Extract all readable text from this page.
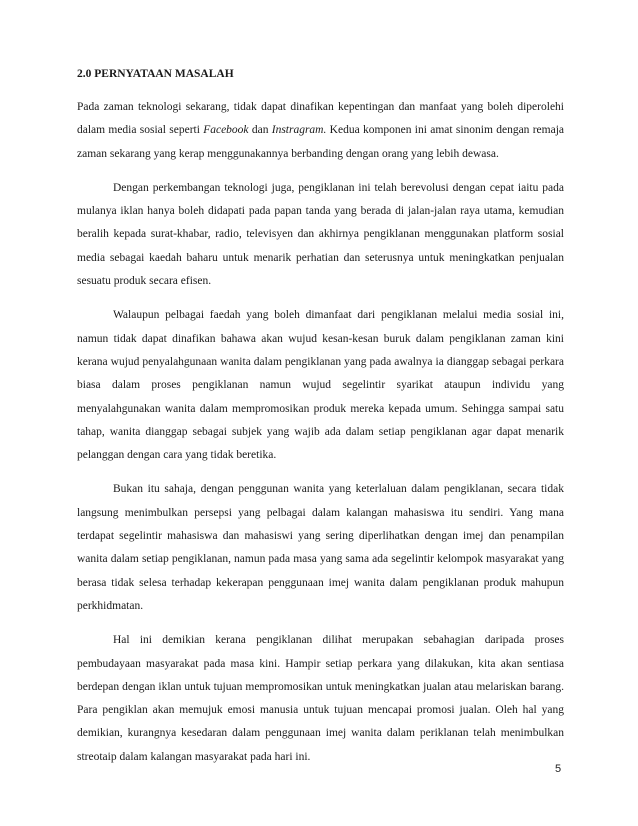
2.0 PERNYATAAN MASALAH

Pada zaman teknologi sekarang, tidak dapat dinafikan kepentingan dan manfaat yang boleh diperolehi dalam media sosial seperti Facebook dan Instragram. Kedua komponen ini amat sinonim dengan remaja zaman sekarang yang kerap menggunakannya berbanding dengan orang yang lebih dewasa.

Dengan perkembangan teknologi juga, pengiklanan ini telah berevolusi dengan cepat iaitu pada mulanya iklan hanya boleh didapati pada papan tanda yang berada di jalan-jalan raya utama, kemudian beralih kepada surat-khabar, radio, televisyen dan akhirnya pengiklanan menggunakan platform sosial media sebagai kaedah baharu untuk menarik perhatian dan seterusnya untuk meningkatkan penjualan sesuatu produk secara efisen.

Walaupun pelbagai faedah yang boleh dimanfaat dari pengiklanan melalui media sosial ini, namun tidak dapat dinafikan bahawa akan wujud kesan-kesan buruk dalam pengiklanan zaman kini kerana wujud penyalahgunaan wanita dalam pengiklanan yang pada awalnya ia dianggap sebagai perkara biasa dalam proses pengiklanan namun wujud segelintir syarikat ataupun individu yang menyalahgunakan wanita dalam mempromosikan produk mereka kepada umum. Sehingga sampai satu tahap, wanita dianggap sebagai subjek yang wajib ada dalam setiap pengiklanan agar dapat menarik pelanggan dengan cara yang tidak beretika.

Bukan itu sahaja, dengan penggunan wanita yang keterlaluan dalam pengiklanan, secara tidak langsung menimbulkan persepsi yang pelbagai dalam kalangan mahasiswa itu sendiri. Yang mana terdapat segelintir mahasiswa dan mahasiswi yang sering diperlihatkan dengan imej dan penampilan wanita dalam setiap pengiklanan, namun pada masa yang sama ada segelintir kelompok masyarakat yang berasa tidak selesa terhadap kekerapan penggunaan imej wanita dalam pengiklanan produk mahupun perkhidmatan.

Hal ini demikian kerana pengiklanan dilihat merupakan sebahagian daripada proses pembudayaan masyarakat pada masa kini. Hampir setiap perkara yang dilakukan, kita akan sentiasa berdepan dengan iklan untuk tujuan mempromosikan untuk meningkatkan jualan atau melariskan barang. Para pengiklan akan memujuk emosi manusia untuk tujuan mencapai promosi jualan. Oleh hal yang demikian, kurangnya kesedaran dalam penggunaan imej wanita dalam periklanan telah menimbulkan streotaip dalam kalangan masyarakat pada hari ini.

5
